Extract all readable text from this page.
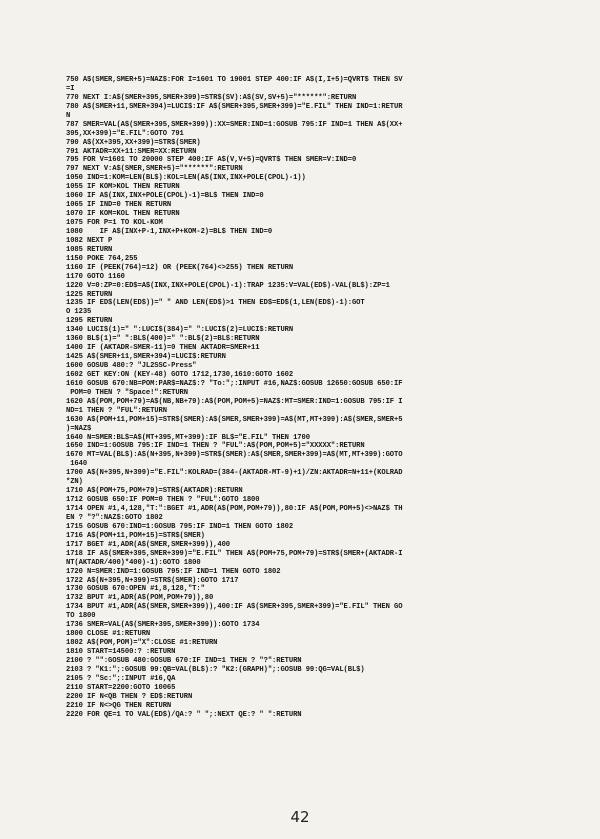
750 A$(SMER,SMER+5)=NAZ$:FOR I=1601 TO 19001 STEP 400:IF A$(I,I+5)=QVRT$ THEN SV
=I
770 NEXT I:A$(SMER+395,SMER+399)=STR$(SV):A$(SV,SV+5)="******":RETURN
780 A$(SMER+11,SMER+394)=LUCI$:IF A$(SMER+395,SMER+399)="E.FIL" THEN IND=1:RETUR
N
787 SMER=VAL(A$(SMER+395,SMER+399)):XX=SMER:IND=1:GOSUB 795:IF IND=1 THEN A$(XX+
395,XX+399)="E.FIL":GOTO 791
790 A$(XX+395,XX+399)=STR$(SMER)
791 AKTADR=XX+11:SMER=XX:RETURN
795 FOR V=1601 TO 20000 STEP 400:IF A$(V,V+5)=QVRT$ THEN SMER=V:IND=0
797 NEXT V:A$(SMER,SMER+5)="******":RETURN
1050 IND=1:KOM=LEN(BL$):KOL=LEN(A$(INX,INX+POLE(CPOL)-1))
1055 IF KOM>KOL THEN RETURN
1060 IF A$(INX,INX+POLE(CPOL)-1)=BL$ THEN IND=0
1065 IF IND=0 THEN RETURN
1070 IF KOM=KOL THEN RETURN
1075 FOR P=1 TO KOL-KOM
1080    IF A$(INX+P-1,INX+P+KOM-2)=BL$ THEN IND=0
1082 NEXT P
1085 RETURN
1150 POKE 764,255
1160 IF (PEEK(764)=12) OR (PEEK(764)<>255) THEN RETURN
1170 GOTO 1160
1220 V=0:ZP=0:ED$=A$(INX,INX+POLE(CPOL)-1):TRAP 1235:V=VAL(ED$)-VAL(BL$):ZP=1
1225 RETURN
1235 IF ED$(LEN(ED$))=" " AND LEN(ED$)>1 THEN ED$=ED$(1,LEN(ED$)-1):GOT
O 1235
1295 RETURN
1340 LUCI$(1)=" ":LUCI$(384)=" ":LUCI$(2)=LUCI$:RETURN
1360 BL$(1)=" ":BL$(400)=" ":BL$(2)=BL$:RETURN
1400 IF (AKTADR-SMER-11)=0 THEN AKTADR=SMER+11
1425 A$(SMER+11,SMER+394)=LUCI$:RETURN
1600 GOSUB 480:? "JL2SSC-Press"
1602 GET KEY:ON (KEY-48) GOTO 1712,1730,1610:GOTO 1602
1610 GOSUB 670:NB=POM:PAR$=NAZ$:? "To:";:INPUT #16,NAZ$:GOSUB 12650:GOSUB 650:IF
POM=0 THEN ? "Space!":RETURN
1620 A$(POM,POM+79)=A$(NB,NB+79):A$(POM,POM+5)=NAZ$:MT=SMER:IND=1:GOSUB 795:IF I
ND=1 THEN ? "FUL":RETURN
1630 A$(POM+11,POM+15)=STR$(SMER):A$(SMER,SMER+399)=A$(MT,MT+399):A$(SMER,SMER+5
)=NAZ$
1640 N=SMER:BL$=A$(MT+395,MT+399):IF BL$="E.FIL" THEN 1700
1650 IND=1:GOSUB 795:IF IND=1 THEN ? "FUL":A$(POM,POM+5)="XXXXX":RETURN
1670 MT=VAL(BL$):A$(N+395,N+399)=STR$(SMER):A$(SMER,SMER+399)=A$(MT,MT+399):GOTO
1640
1700 A$(N+395,N+399)="E.FIL":KOLRAD=(384-(AKTADR-MT-9)+1)/ZN:AKTADR=N+11+(KOLRAD
*ZN)
1710 A$(POM+75,POM+79)=STR$(AKTADR):RETURN
1712 GOSUB 650:IF POM=0 THEN ? "FUL":GOTO 1800
1714 OPEN #1,4,128,"T:":BGET #1,ADR(A$(POM,POM+79)),80:IF A$(POM,POM+5)<>NAZ$ TH
EN ? "?":NAZ$:GOTO 1802
1715 GOSUB 670:IND=1:GOSUB 795:IF IND=1 THEN GOTO 1802
1716 A$(POM+11,POM+15)=STR$(SMER)
1717 BGET #1,ADR(A$(SMER,SMER+399)),400
1718 IF A$(SMER+395,SMER+399)="E.FIL" THEN A$(POM+75,POM+79)=STR$(SMER+(AKTADR-I
NT(AKTADR/400)*400)-1):GOTO 1800
1720 N=SMER:IND=1:GOSUB 795:IF IND=1 THEN GOTO 1802
1722 A$(N+395,N+399)=STR$(SMER):GOTO 1717
1730 GOSUB 670:OPEN #1,8,128,"T:"
1732 BPUT #1,ADR(A$(POM,POM+79)),80
1734 BPUT #1,ADR(A$(SMER,SMER+399)),400:IF A$(SMER+395,SMER+399)="E.FIL" THEN GO
TO 1800
1736 SMER=VAL(A$(SMER+395,SMER+399)):GOTO 1734
1800 CLOSE #1:RETURN
1802 A$(POM,POM)="X":CLOSE #1:RETURN
1810 START=14500:? :RETURN
2100 ? "":GOSUB 480:GOSUB 670:IF IND=1 THEN ? "?":RETURN
2103 ? "K1:";:GOSUB 99:QB=VAL(BL$):? "K2:(GRAPH)";:GOSUB 99:QG=VAL(BL$)
2105 ? "Sc:";:INPUT #16,QA
2110 START=2200:GOTO 10065
2200 IF N<QB THEN ? ED$:RETURN
2210 IF N<>QG THEN RETURN
2220 FOR QE=1 TO VAL(ED$)/QA:? " ";:NEXT QE:? " ":RETURN
42
